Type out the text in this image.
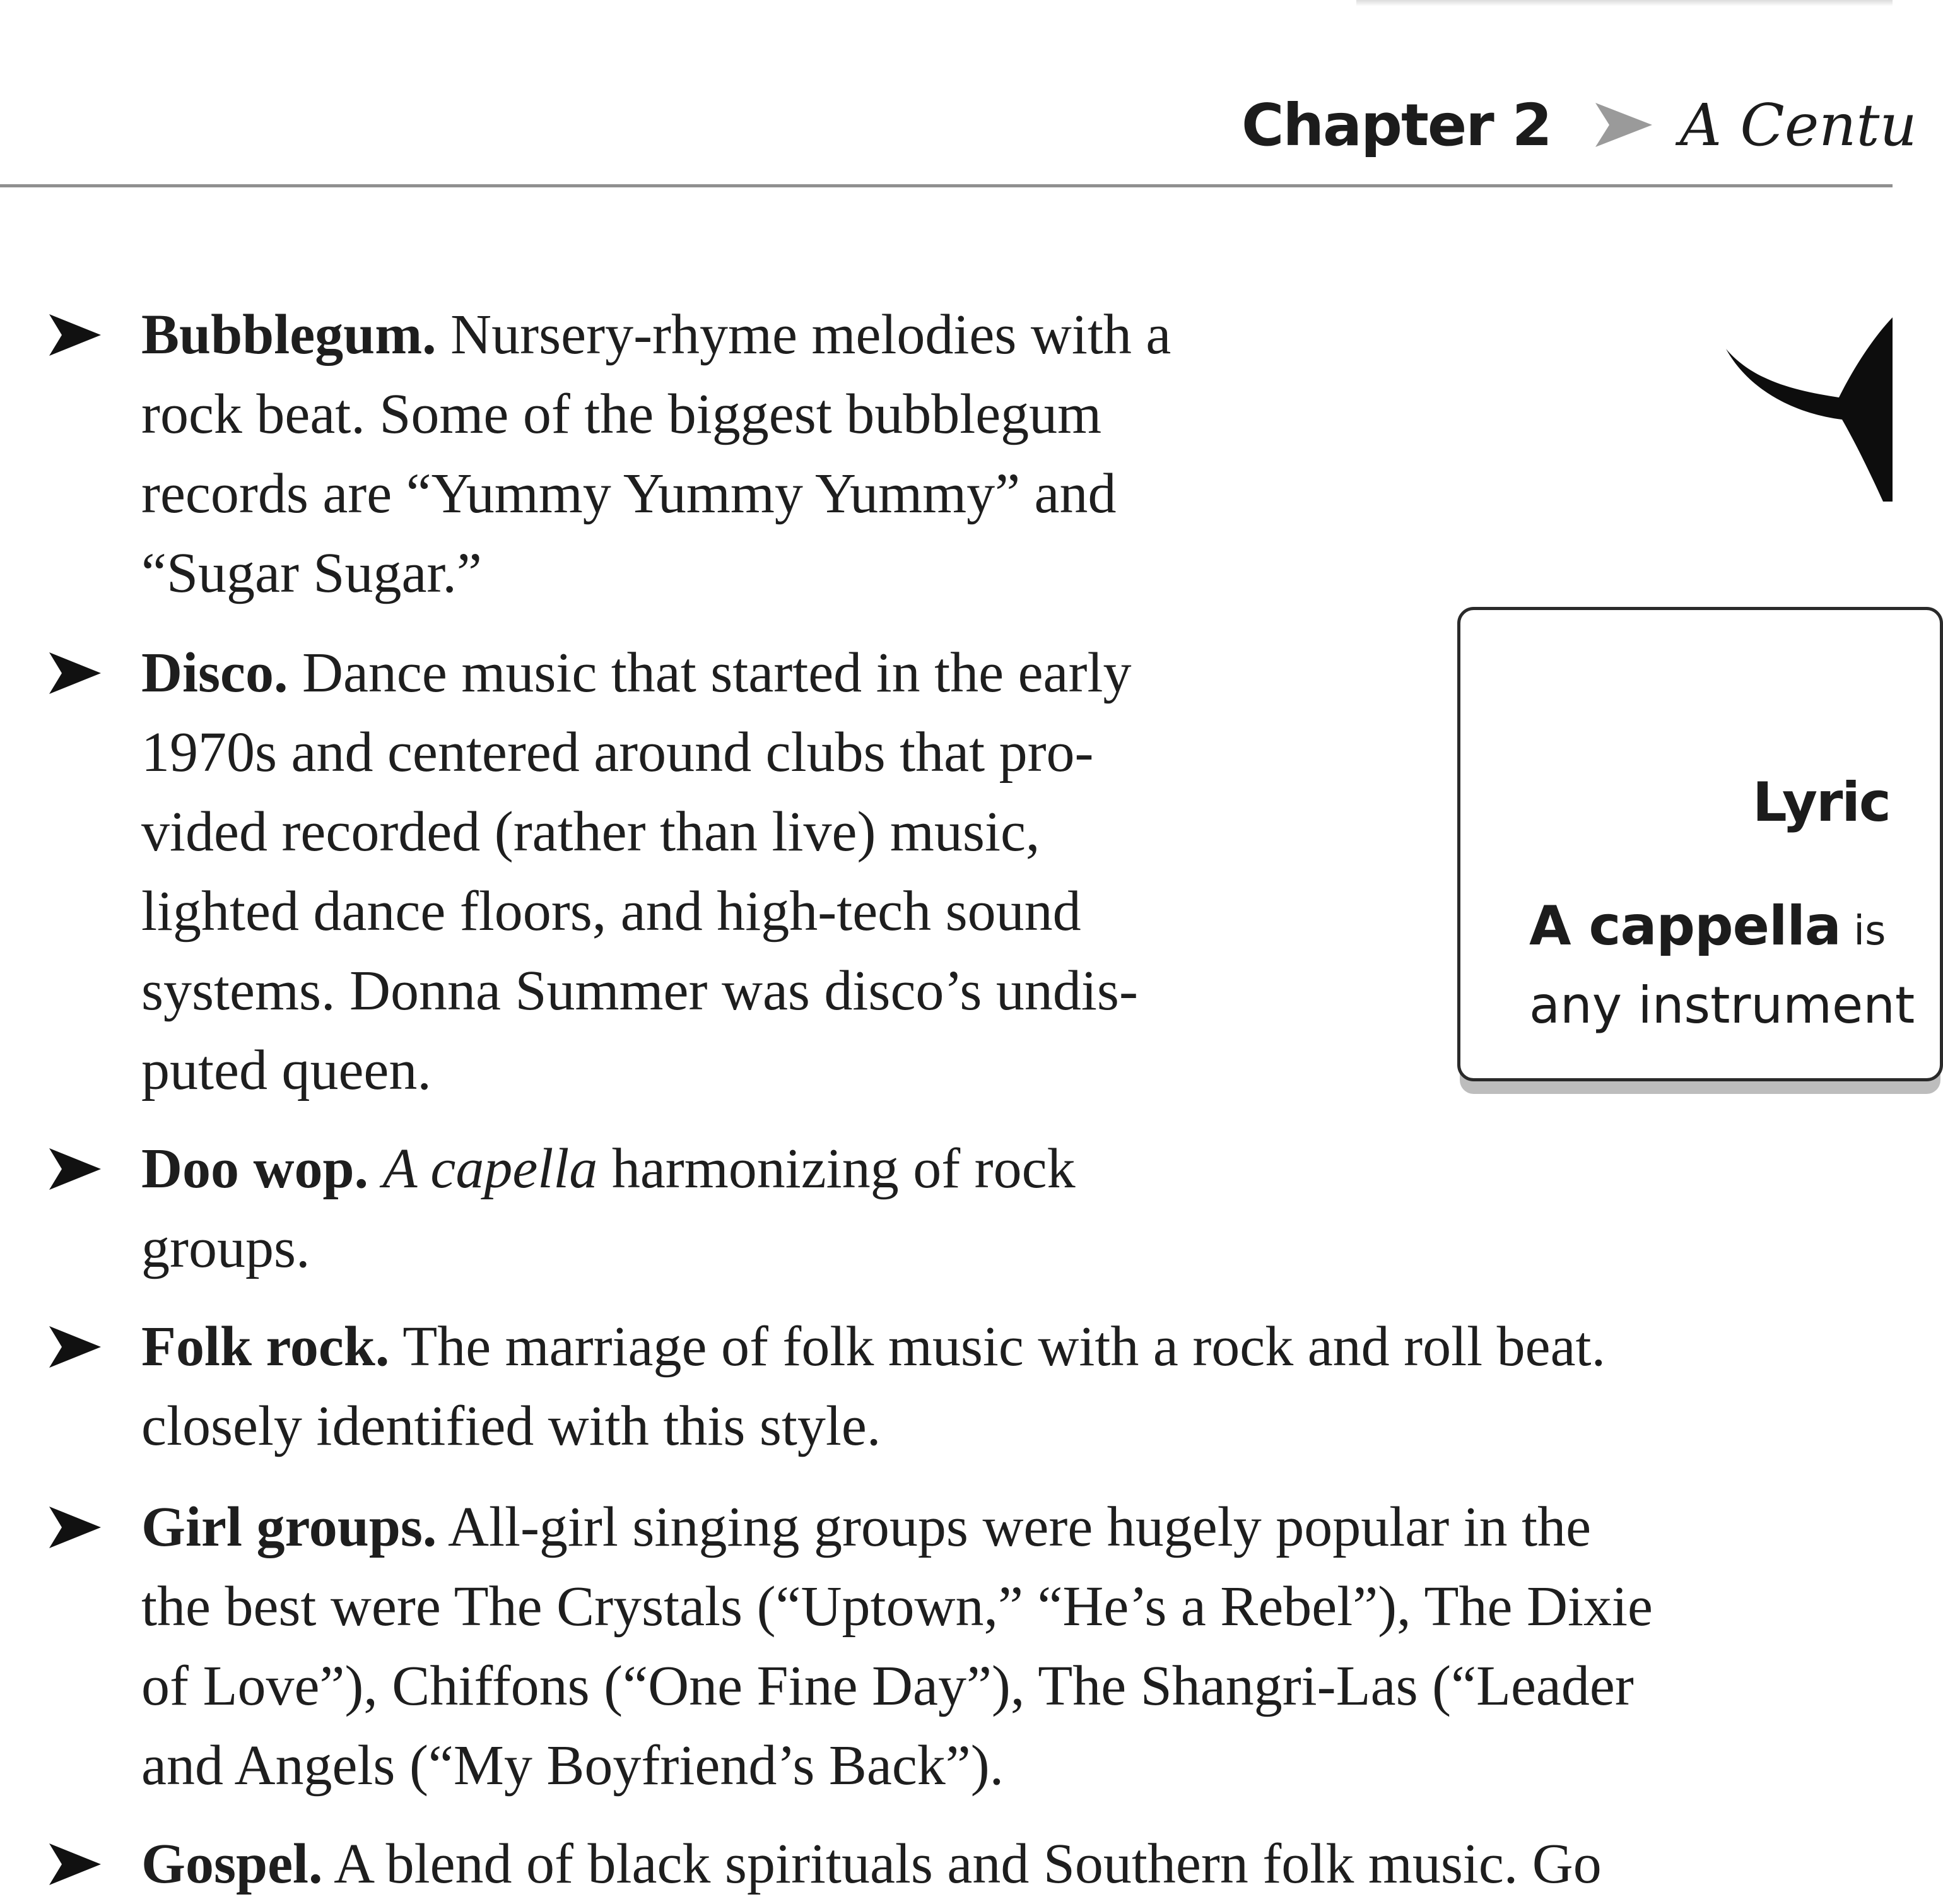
Chapter 2 A Centu
Bubblegum. Nursery-rhyme melodies with a
rock beat. Some of the biggest bubblegum
records are “Yummy Yummy Yummy” and
“Sugar Sugar.”
Disco. Dance music that started in the early
1970s and centered around clubs that pro-
vided recorded (rather than live) music,
lighted dance floors, and high-tech sound
systems. Donna Summer was disco’s undis-
puted queen.
Doo wop. A capella harmonizing of rock
groups.
Folk rock. The marriage of folk music with a rock and roll beat.
closely identified with this style.
Girl groups. All-girl singing groups were hugely popular in the
the best were The Crystals (“Uptown,” “He’s a Rebel”), The Dixie
of Love”), Chiffons (“One Fine Day”), The Shangri-Las (“Leader
and Angels (“My Boyfriend’s Back”).
Gospel. A blend of black spirituals and Southern folk music. Go
Lyric
A cappella is
any instrument
